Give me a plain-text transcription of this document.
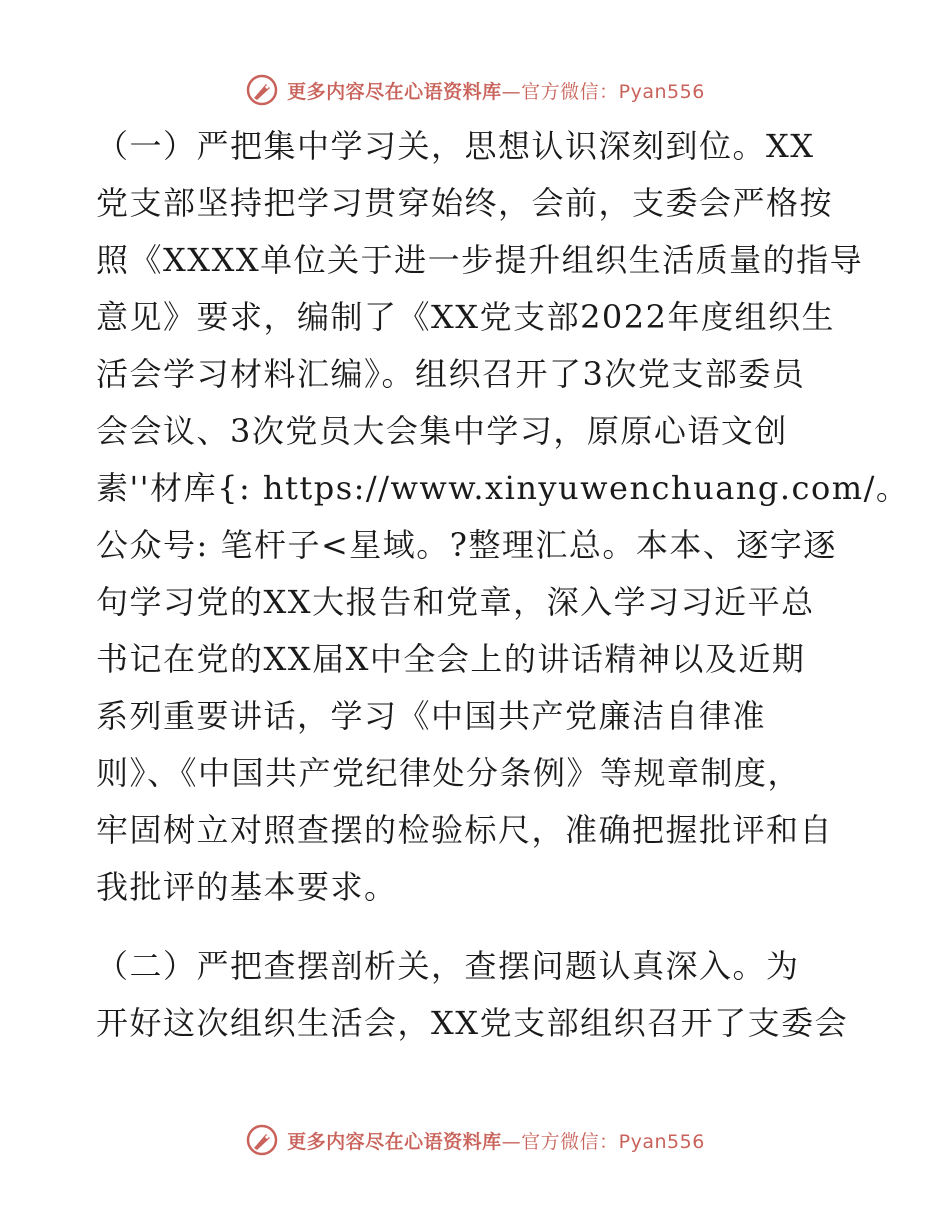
更多内容尽在心语资料库—官方微信：Pyan556

（一）严把集中学习关，思想认识深刻到位。XX
党支部坚持把学习贯穿始终，会前，支委会严格按
照《XXXX单位关于进一步提升组织生活质量的指导
意见》要求，编制了《XX党支部2022年度组织生
活会学习材料汇编》。组织召开了3次党支部委员
会会议、3次党员大会集中学习，原原心语文创
素''材库{: https://www.xinyuwenchuang.com/。
公众号: 笔杆子<星域。?整理汇总。本本、逐字逐
句学习党的XX大报告和党章，深入学习习近平总
书记在党的XX届X中全会上的讲话精神以及近期
系列重要讲话，学习《中国共产党廉洁自律准
则》、《中国共产党纪律处分条例》等规章制度，
牢固树立对照查摆的检验标尺，准确把握批评和自
我批评的基本要求。

（二）严把查摆剖析关，查摆问题认真深入。为
开好这次组织生活会，XX党支部组织召开了支委会

更多内容尽在心语资料库—官方微信：Pyan556
